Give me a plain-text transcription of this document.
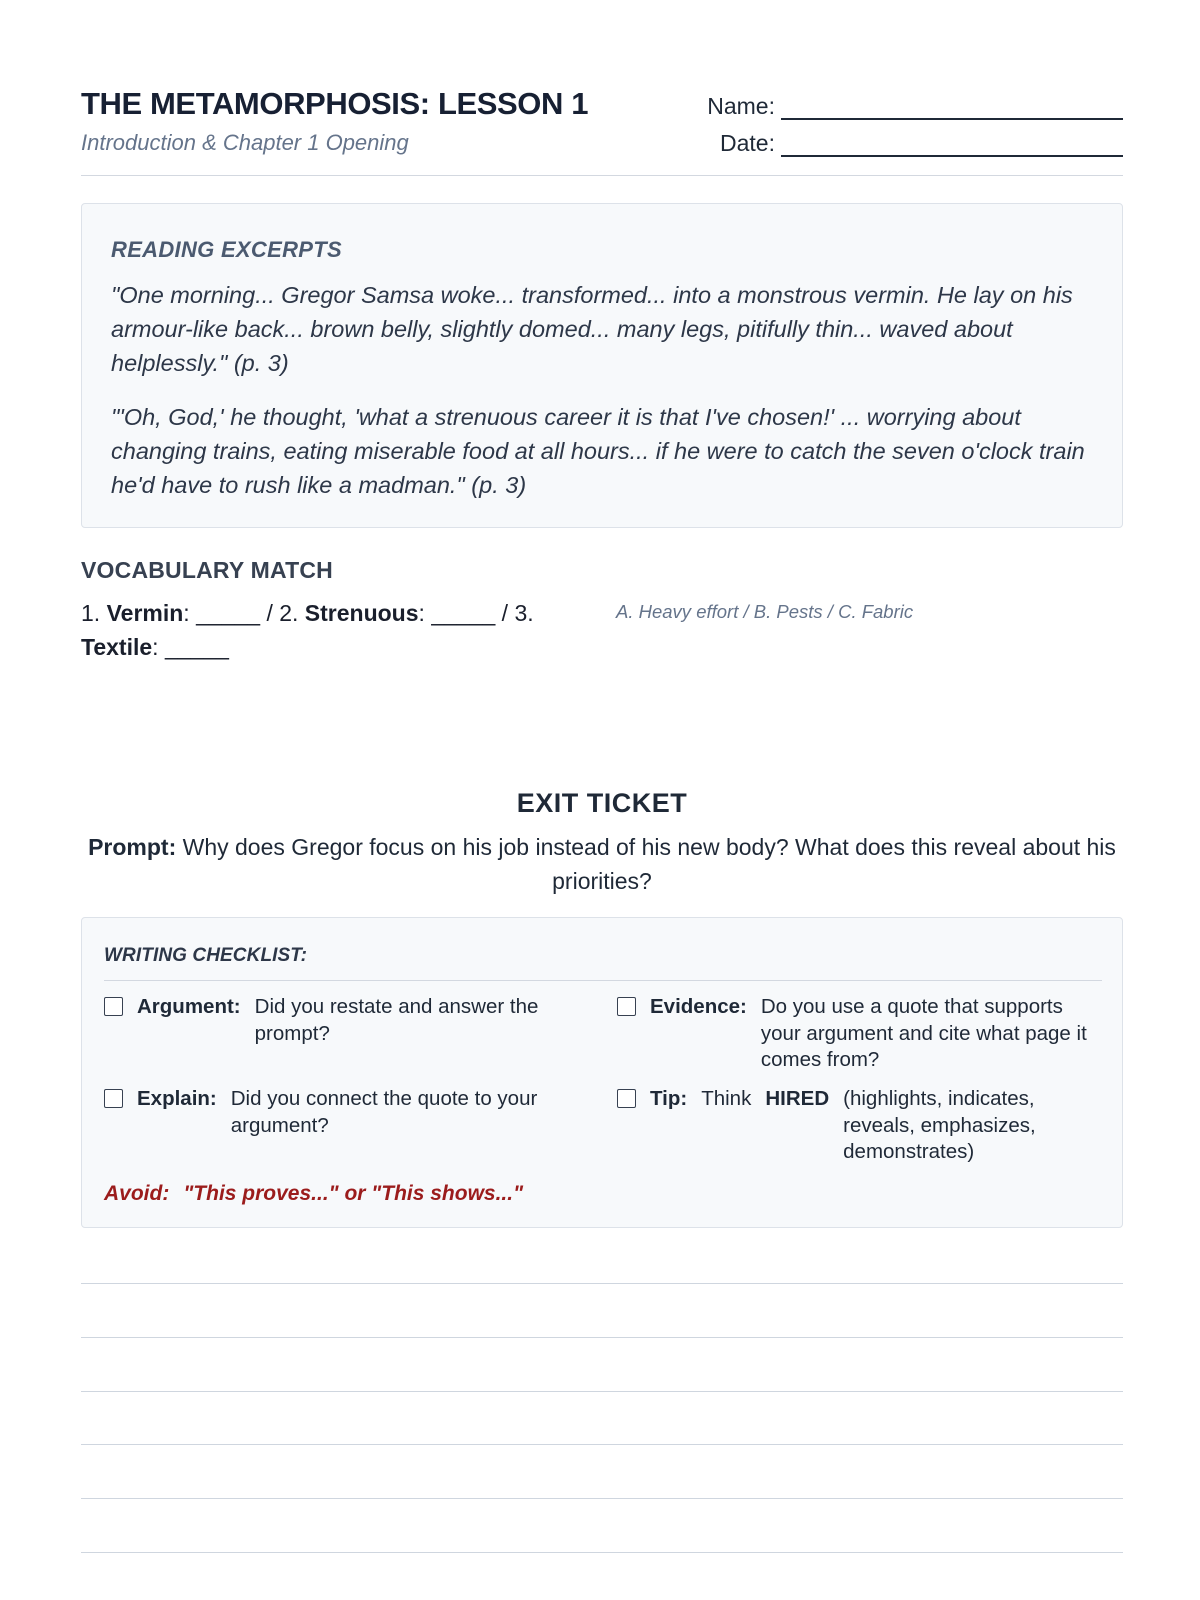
THE METAMORPHOSIS: LESSON 1
Introduction & Chapter 1 Opening
Name:
Date:
READING EXCERPTS
"One morning... Gregor Samsa woke... transformed... into a monstrous vermin. He lay on his armour-like back... brown belly, slightly domed... many legs, pitifully thin... waved about helplessly." (p. 3)
"'Oh, God,' he thought, 'what a strenuous career it is that I've chosen!' ... worrying about changing trains, eating miserable food at all hours... if he were to catch the seven o'clock train he'd have to rush like a madman." (p. 3)
VOCABULARY MATCH
1. Vermin: _____ / 2. Strenuous: _____ / 3. Textile: _____
A. Heavy effort / B. Pests / C. Fabric
EXIT TICKET
Prompt: Why does Gregor focus on his job instead of his new body? What does this reveal about his priorities?
WRITING CHECKLIST:
Argument: Did you restate and answer the prompt?
Evidence: Do you use a quote that supports your argument and cite what page it comes from?
Explain: Did you connect the quote to your argument?
Tip: Think HIRED (highlights, indicates, reveals, emphasizes, demonstrates)
Avoid: "This proves..." or "This shows..."
